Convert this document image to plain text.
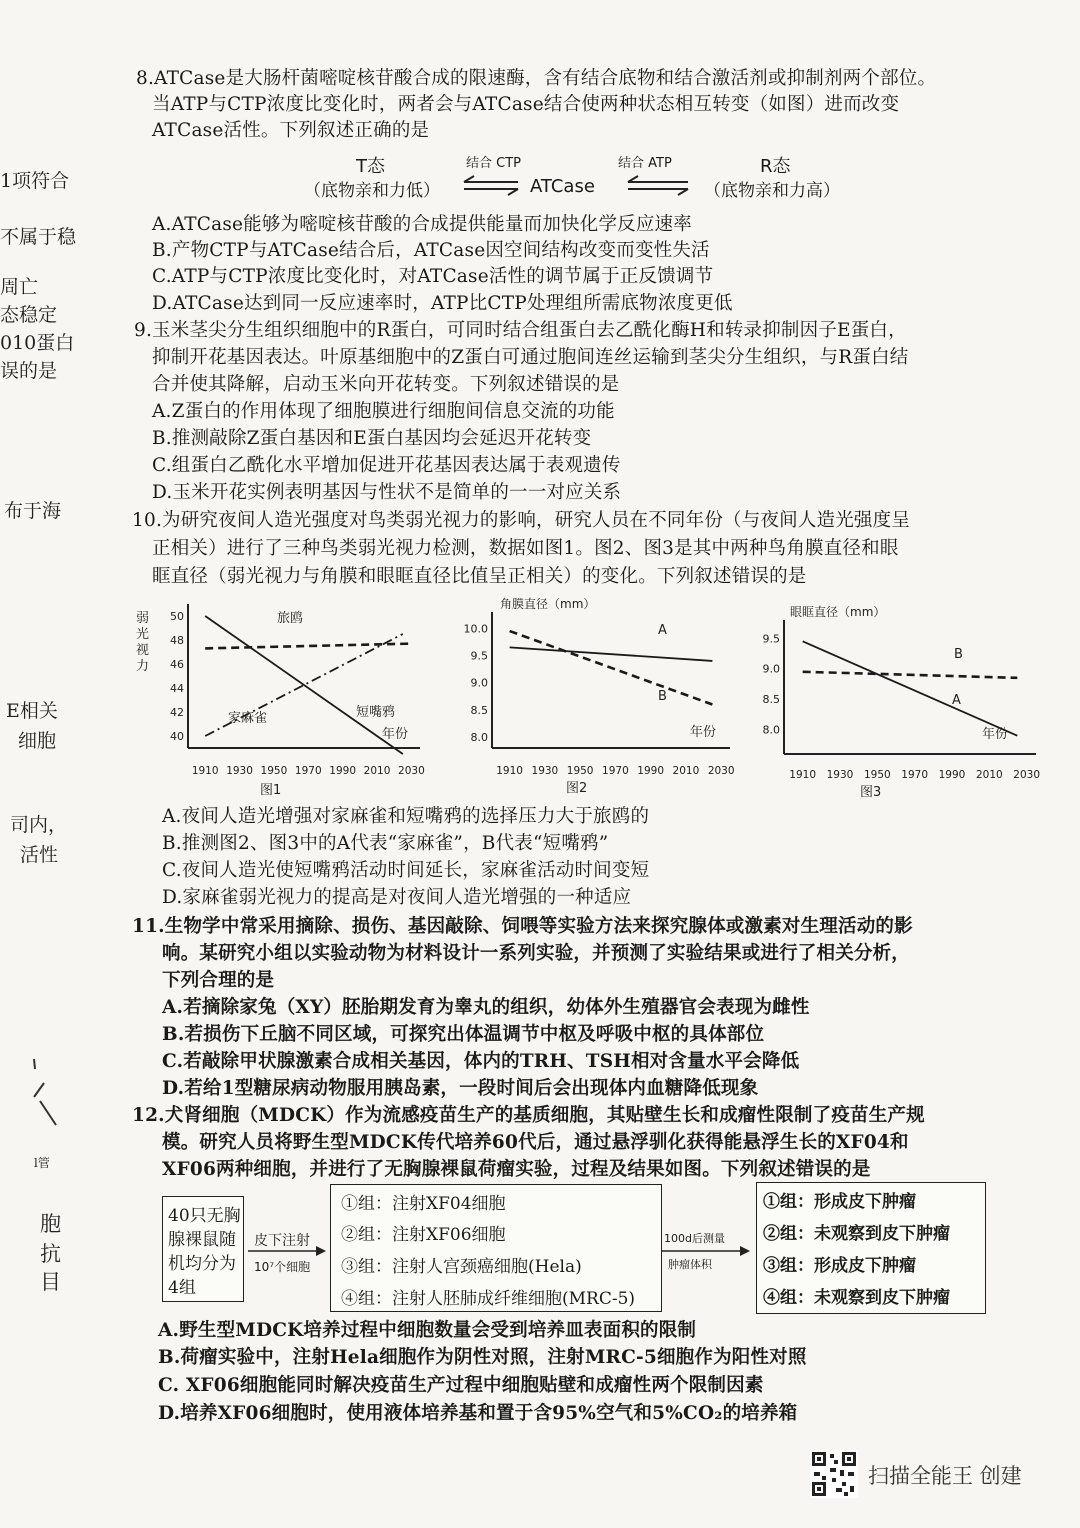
1项符合
不属于稳
周亡
态稳定
010蛋白
误的是
布于海
E相关
细胞
司内，
活性
l管
胞
抗
目
8.ATCase是大肠杆菌嘧啶核苷酸合成的限速酶，含有结合底物和结合激活剂或抑制剂两个部位。
当ATP与CTP浓度比变化时，两者会与ATCase结合使两种状态相互转变（如图）进而改变
ATCase活性。下列叙述正确的是
T态
（底物亲和力低）
结合 CTP
ATCase
结合 ATP	R态
（底物亲和力高）
A.ATCase能够为嘧啶核苷酸的合成提供能量而加快化学反应速率
B.产物CTP与ATCase结合后，ATCase因空间结构改变而变性失活
C.ATP与CTP浓度比变化时，对ATCase活性的调节属于正反馈调节
D.ATCase达到同一反应速率时，ATP比CTP处理组所需底物浓度更低
9.玉米茎尖分生组织细胞中的R蛋白，可同时结合组蛋白去乙酰化酶H和转录抑制因子E蛋白，
抑制开花基因表达。叶原基细胞中的Z蛋白可通过胞间连丝运输到茎尖分生组织，与R蛋白结
合并使其降解，启动玉米向开花转变。下列叙述错误的是
A.Z蛋白的作用体现了细胞膜进行细胞间信息交流的功能
B.推测敲除Z蛋白基因和E蛋白基因均会延迟开花转变
C.组蛋白乙酰化水平增加促进开花基因表达属于表观遗传
D.玉米开花实例表明基因与性状不是简单的一一对应关系
10.为研究夜间人造光强度对鸟类弱光视力的影响，研究人员在不同年份（与夜间人造光强度呈
正相关）进行了三种鸟类弱光视力检测，数据如图1。图2、图3是其中两种鸟角膜直径和眼
眶直径（弱光视力与角膜和眼眶直径比值呈正相关）的变化。下列叙述错误的是
弱
光
视
力
40
42
44
46
48
50
1910 1930 1950 1970 1990 2010 2030
旅鸥
家麻雀	短嘴鸦
年份
图1
角膜直径（mm）
8.0
8.5
9.0
9.5
10.0
1910 1930 1950 1970 1990 2010 2030
A
B
年份
图2
眼眶直径（mm）
8.0
8.5
9.0
9.5
1910 1930 1950 1970 1990 2010 2030
B
A
年份
图3
A.夜间人造光增强对家麻雀和短嘴鸦的选择压力大于旅鸥的
B.推测图2、图3中的A代表“家麻雀”，B代表“短嘴鸦”
C.夜间人造光使短嘴鸦活动时间延长，家麻雀活动时间变短
D.家麻雀弱光视力的提高是对夜间人造光增强的一种适应
11.生物学中常采用摘除、损伤、基因敲除、饲喂等实验方法来探究腺体或激素对生理活动的影
响。某研究小组以实验动物为材料设计一系列实验，并预测了实验结果或进行了相关分析，
下列合理的是
A.若摘除家兔（XY）胚胎期发育为睾丸的组织，幼体外生殖器官会表现为雌性
B.若损伤下丘脑不同区域，可探究出体温调节中枢及呼吸中枢的具体部位
C.若敲除甲状腺激素合成相关基因，体内的TRH、TSH相对含量水平会降低
D.若给1型糖尿病动物服用胰岛素，一段时间后会出现体内血糖降低现象
12.犬肾细胞（MDCK）作为流感疫苗生产的基质细胞，其贴壁生长和成瘤性限制了疫苗生产规
模。研究人员将野生型MDCK传代培养60代后，通过悬浮驯化获得能悬浮生长的XF04和
XF06两种细胞，并进行了无胸腺裸鼠荷瘤实验，过程及结果如图。下列叙述错误的是
40只无胸
腺裸鼠随
机均分为
4组
皮下注射
10⁷个细胞
①组：注射XF04细胞
②组：注射XF06细胞
③组：注射人宫颈癌细胞(Hela)
④组：注射人胚肺成纤维细胞(MRC-5)
100d后测量
肿瘤体积
①组：形成皮下肿瘤
②组：未观察到皮下肿瘤
③组：形成皮下肿瘤
④组：未观察到皮下肿瘤
A.野生型MDCK培养过程中细胞数量会受到培养皿表面积的限制
B.荷瘤实验中，注射Hela细胞作为阴性对照，注射MRC-5细胞作为阳性对照
C. XF06细胞能同时解决疫苗生产过程中细胞贴壁和成瘤性两个限制因素
D.培养XF06细胞时，使用液体培养基和置于含95%空气和5%CO₂的培养箱
扫描全能王 创建
